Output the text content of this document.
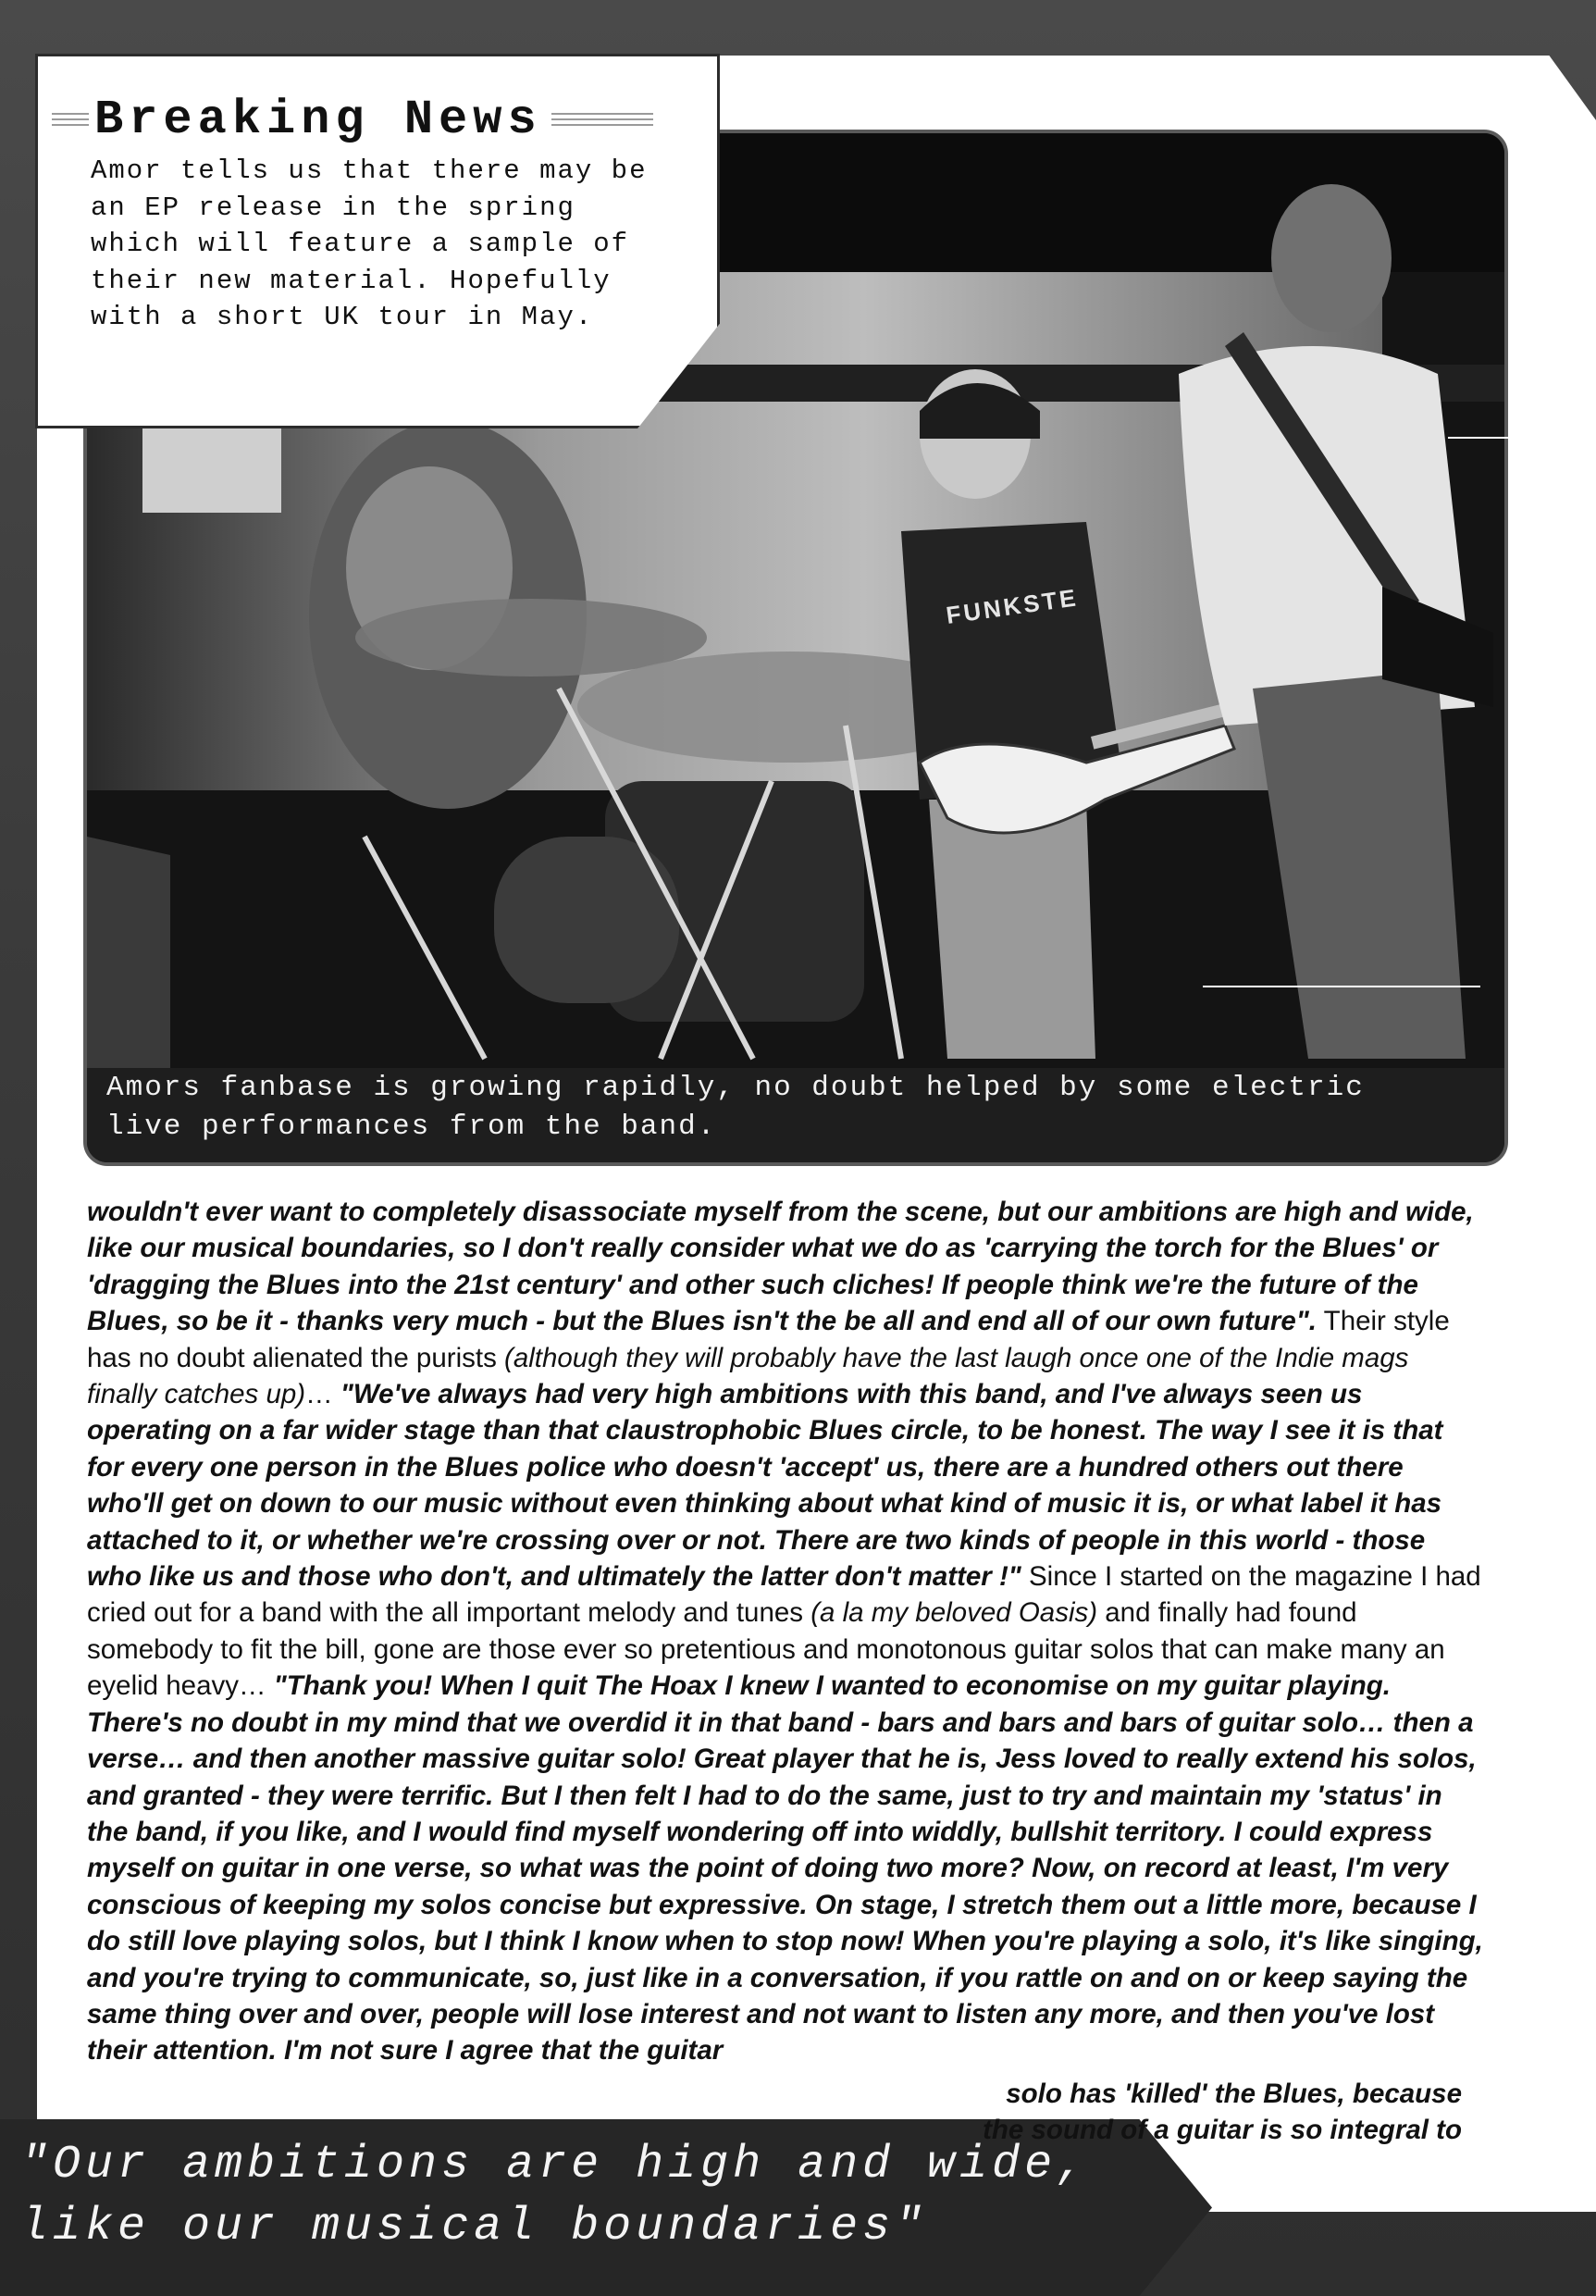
FUNKSTE
Amors fanbase is growing rapidly, no doubt helped by some electric live performances from the band.
Breaking News
Amor tells us that there may be an EP release in the spring which will feature a sample of their new material. Hopefully with a short UK tour in May.

wouldn't ever want to completely disassociate myself from the scene, but our ambitions are high and wide, like our musical boundaries, so I don't really consider what we do as 'carrying the torch for the Blues' or 'dragging the Blues into the 21st century' and other such cliches! If people think we're the future of the Blues, so be it - thanks very much - but the Blues isn't the be all and end all of our own future". Their style has no doubt alienated the purists (although they will probably have the last laugh once one of the Indie mags finally catches up)… "We've always had very high ambitions with this band, and I've always seen us operating on a far wider stage than that claustrophobic Blues circle, to be honest. The way I see it is that for every one person in the Blues police who doesn't 'accept' us, there are a hundred others out there who'll get on down to our music without even thinking about what kind of music it is, or what label it has attached to it, or whether we're crossing over or not. There are two kinds of people in this world - those who like us and those who don't, and ultimately the latter don't matter !" Since I started on the magazine I had cried out for a band with the all important melody and tunes (a la my beloved Oasis) and finally had found somebody to fit the bill, gone are those ever so pretentious and monotonous guitar solos that can make many an eyelid heavy… "Thank you! When I quit The Hoax I knew I wanted to economise on my guitar playing. There's no doubt in my mind that we overdid it in that band - bars and bars and bars of guitar solo… then a verse… and then another massive guitar solo! Great player that he is, Jess loved to really extend his solos, and granted - they were terrific. But I then felt I had to do the same, just to try and maintain my 'status' in the band, if you like, and I would find myself wondering off into widdly, bullshit territory. I could express myself on guitar in one verse, so what was the point of doing two more? Now, on record at least, I'm very conscious of keeping my solos concise but expressive. On stage, I stretch them out a little more, because I do still love playing solos, but I think I know when to stop now! When you're playing a solo, it's like singing, and you're trying to communicate, so, just like in a conversation, if you rattle on and on or keep saying the same thing over and over, people will lose interest and not want to listen any more, and then you've lost their attention. I'm not sure I agree that the guitar

"Our ambitions are high and wide, like our musical boundaries"
solo has 'killed' the Blues, because the sound of a guitar is so integral to
